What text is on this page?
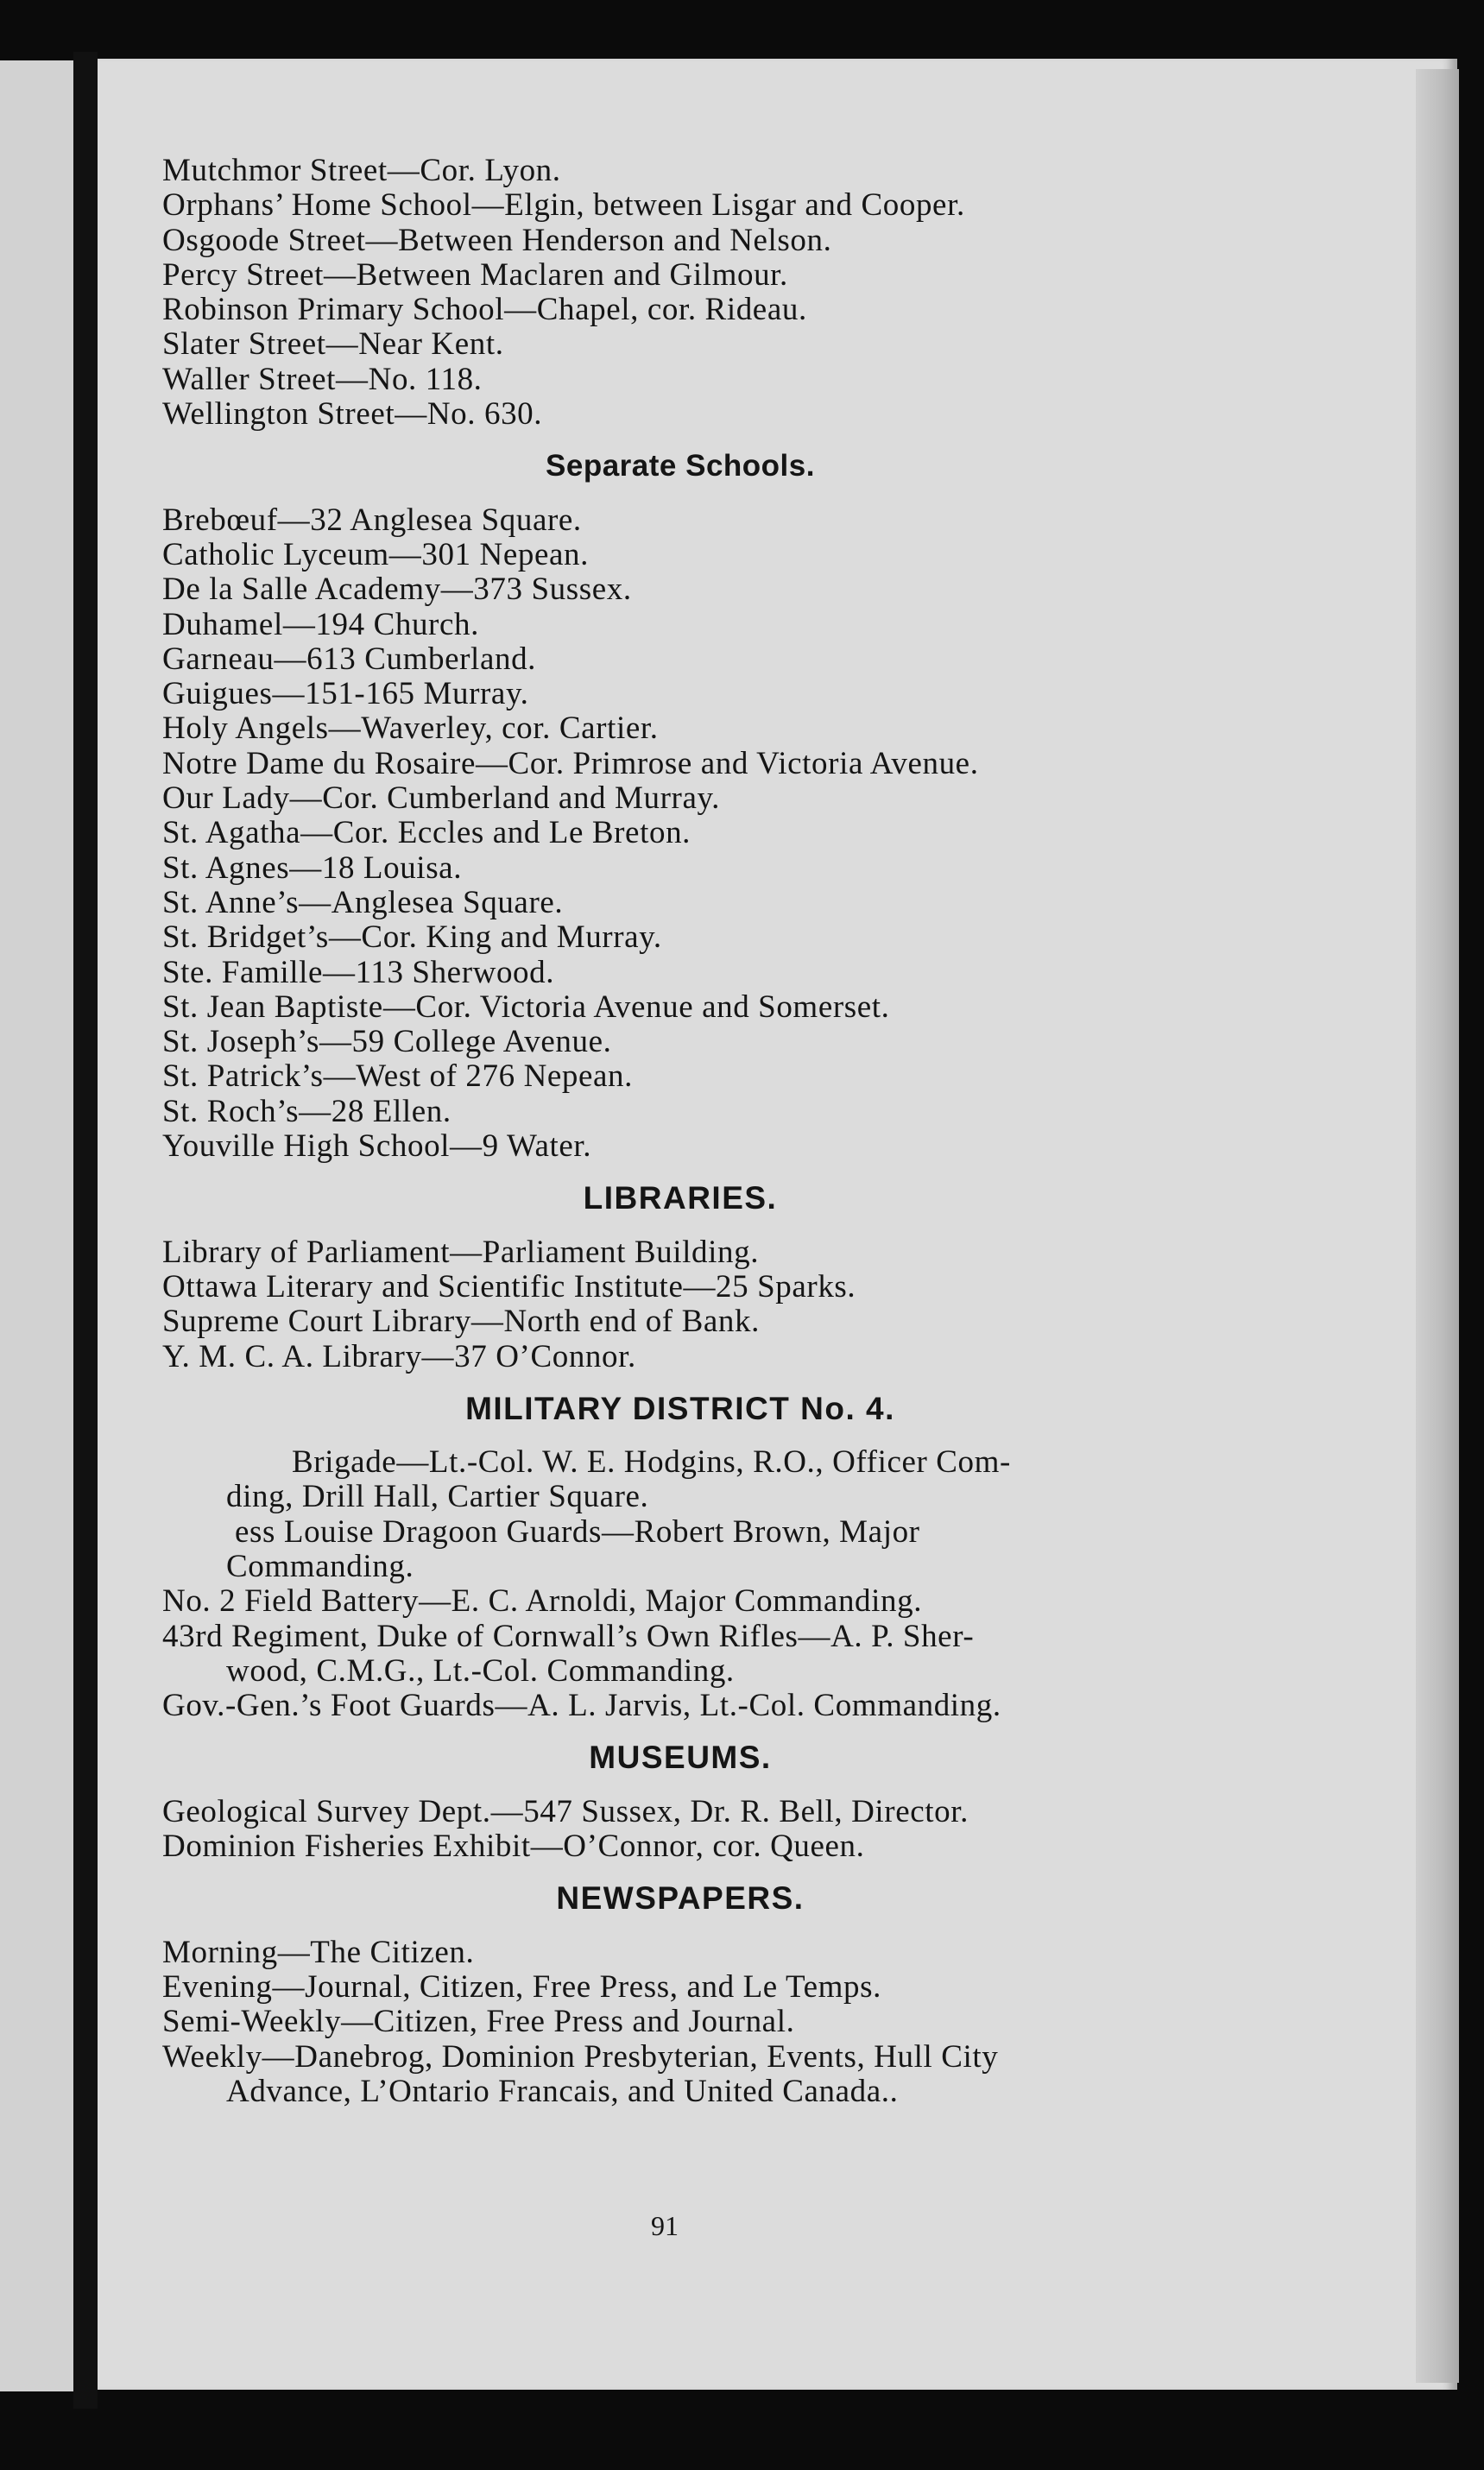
Mutchmor Street—Cor. Lyon.
Orphans’ Home School—Elgin, between Lisgar and Cooper.
Osgoode Street—Between Henderson and Nelson.
Percy Street—Between Maclaren and Gilmour.
Robinson Primary School—Chapel, cor. Rideau.
Slater Street—Near Kent.
Waller Street—No. 118.
Wellington Street—No. 630.
Separate Schools.
Brebœuf—32 Anglesea Square.
Catholic Lyceum—301 Nepean.
De la Salle Academy—373 Sussex.
Duhamel—194 Church.
Garneau—613 Cumberland.
Guigues—151-165 Murray.
Holy Angels—Waverley, cor. Cartier.
Notre Dame du Rosaire—Cor. Primrose and Victoria Avenue.
Our Lady—Cor. Cumberland and Murray.
St. Agatha—Cor. Eccles and Le Breton.
St. Agnes—18 Louisa.
St. Anne’s—Anglesea Square.
St. Bridget’s—Cor. King and Murray.
Ste. Famille—113 Sherwood.
St. Jean Baptiste—Cor. Victoria Avenue and Somerset.
St. Joseph’s—59 College Avenue.
St. Patrick’s—West of 276 Nepean.
St. Roch’s—28 Ellen.
Youville High School—9 Water.
LIBRARIES.
Library of Parliament—Parliament Building.
Ottawa Literary and Scientific Institute—25 Sparks.
Supreme Court Library—North end of Bank.
Y. M. C. A. Library—37 O’Connor.
MILITARY DISTRICT No. 4.
Brigade—Lt.-Col. W. E. Hodgins, R.O., Officer Com-
ding, Drill Hall, Cartier Square.
ess Louise Dragoon Guards—Robert Brown, Major
Commanding.
No. 2 Field Battery—E. C. Arnoldi, Major Commanding.
43rd Regiment, Duke of Cornwall’s Own Rifles—A. P. Sher-
wood, C.M.G., Lt.-Col. Commanding.
Gov.-Gen.’s Foot Guards—A. L. Jarvis, Lt.-Col. Commanding.
MUSEUMS.
Geological Survey Dept.—547 Sussex, Dr. R. Bell, Director.
Dominion Fisheries Exhibit—O’Connor, cor. Queen.
NEWSPAPERS.
Morning—The Citizen.
Evening—Journal, Citizen, Free Press, and Le Temps.
Semi-Weekly—Citizen, Free Press and Journal.
Weekly—Danebrog, Dominion Presbyterian, Events, Hull City
Advance, L’Ontario Francais, and United Canada..
91
